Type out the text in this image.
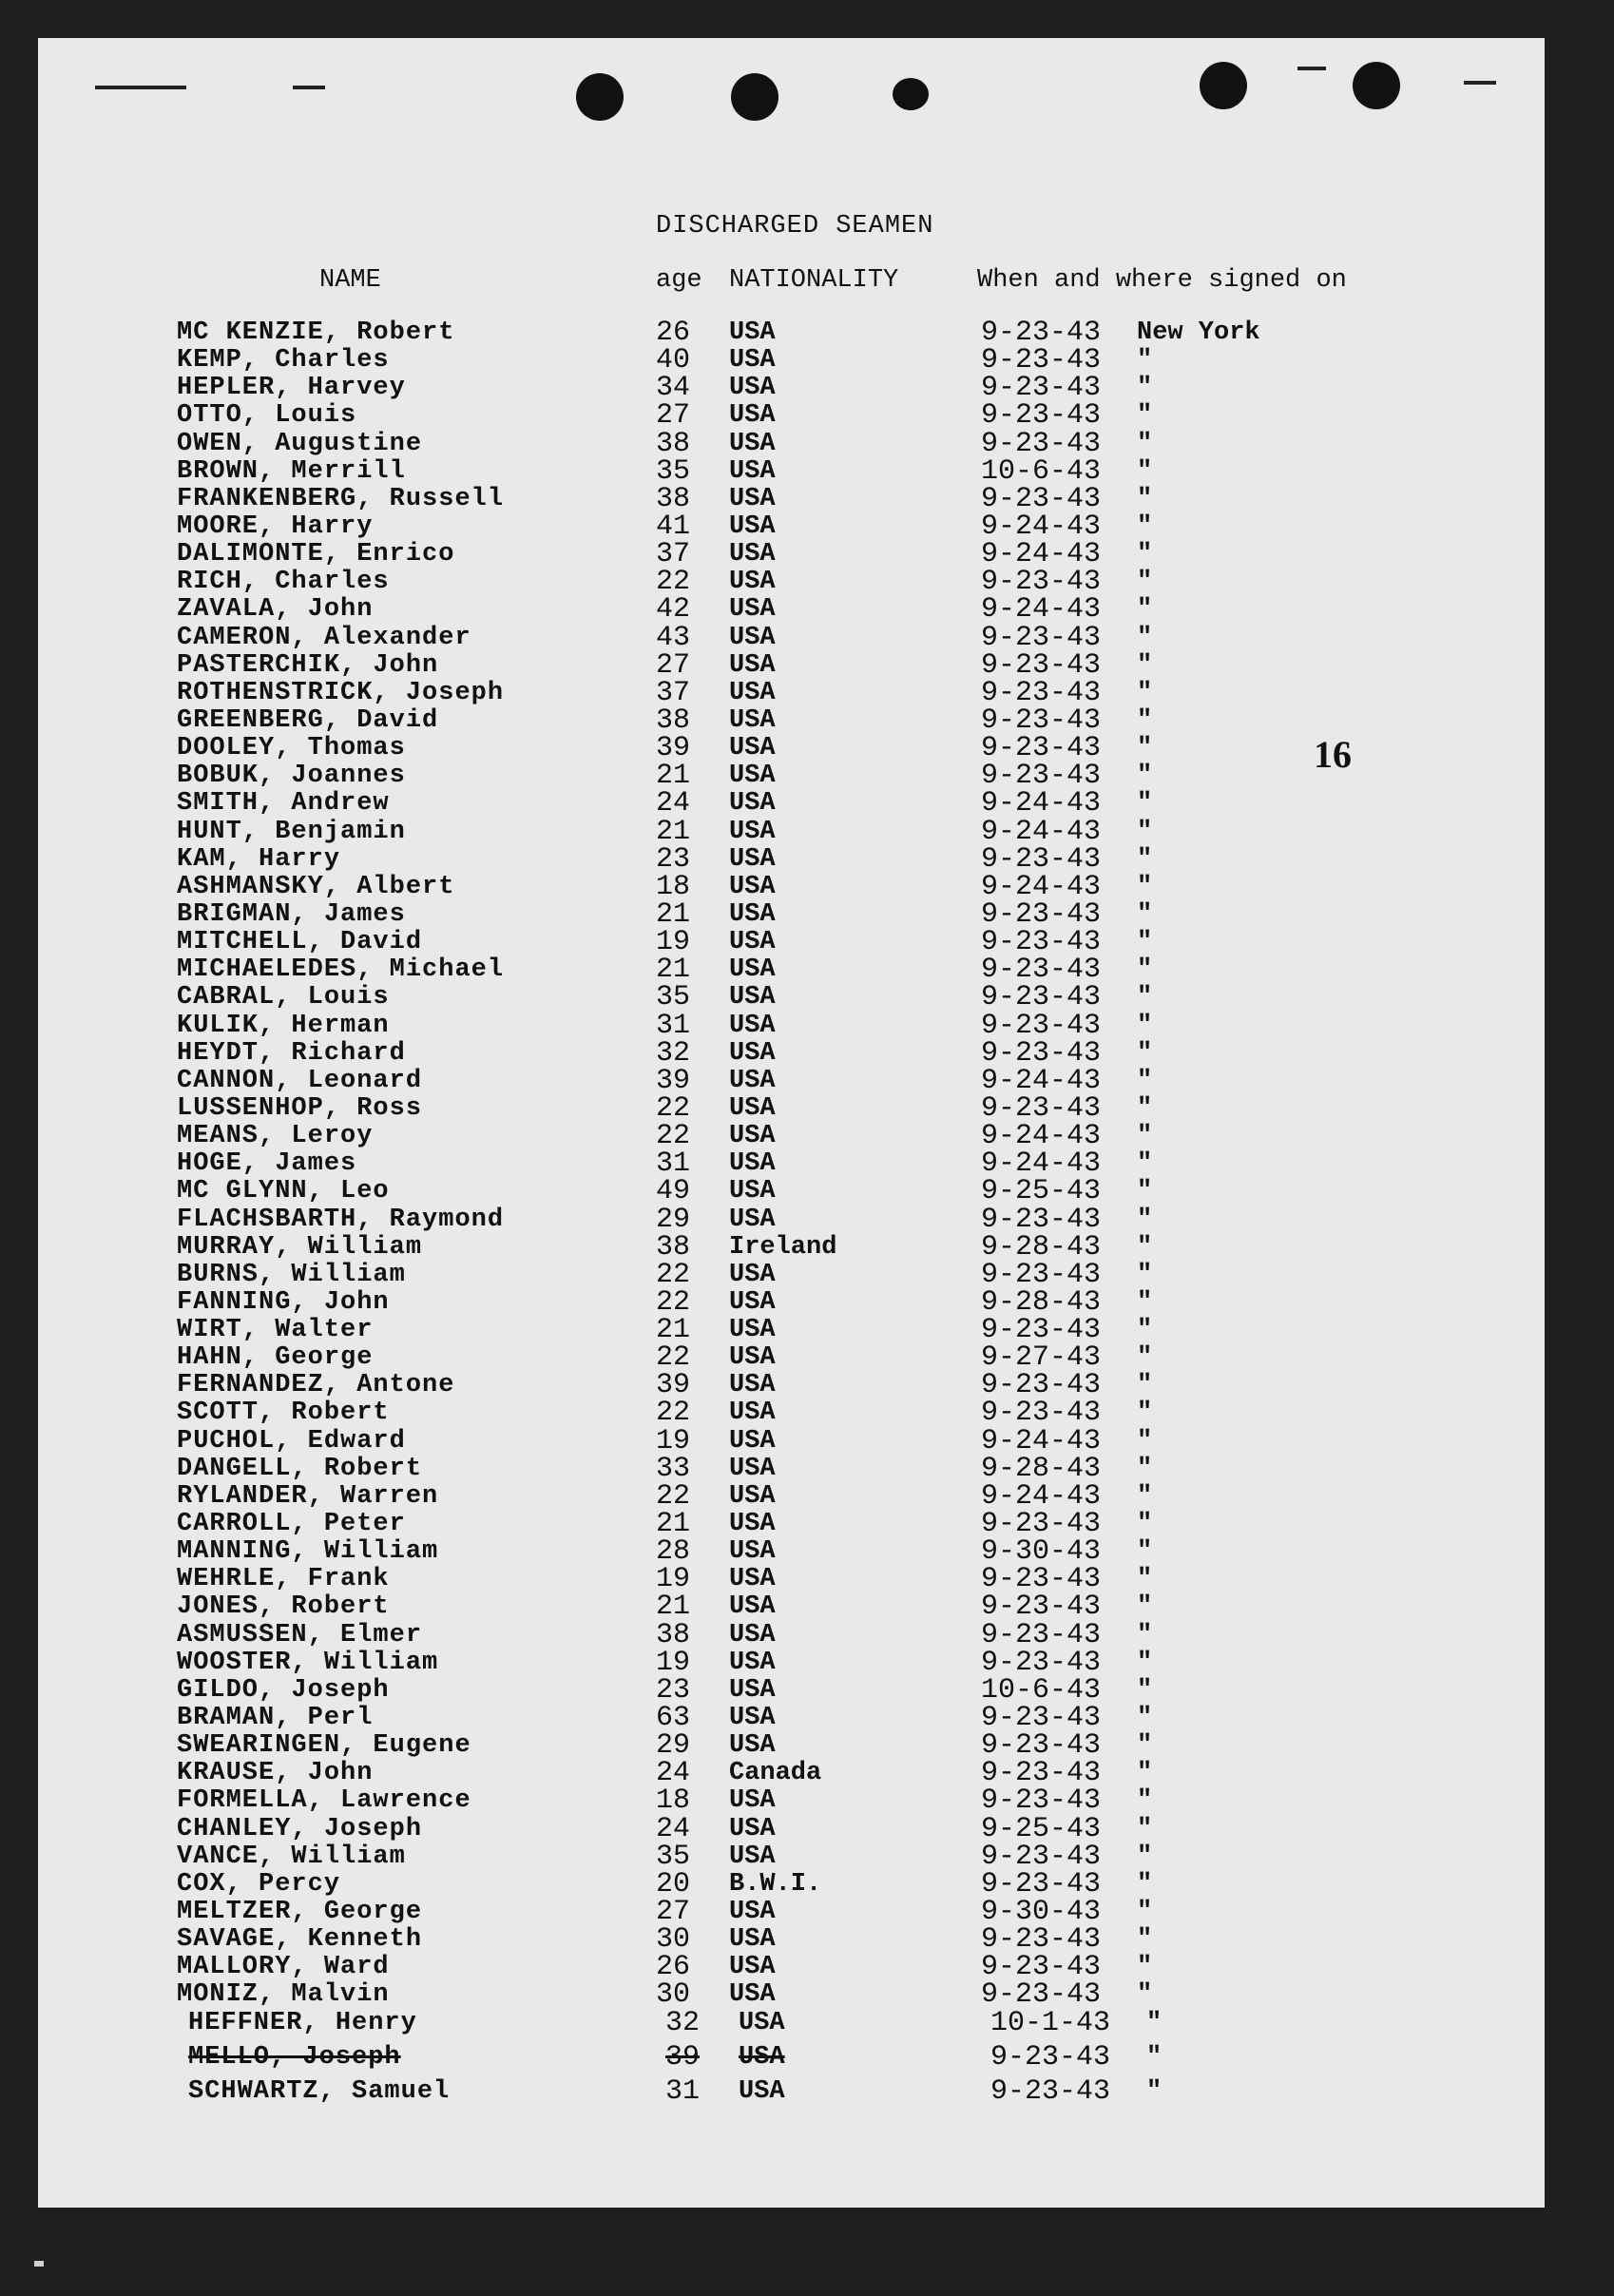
DISCHARGED SEAMEN
NAME	age NATIONALITY	When and where signed on
16
MC KENZIE, Robert	26 USA	9-23-43 New York
KEMP, Charles	40 USA	9-23-43 "
HEPLER, Harvey	34 USA	9-23-43 "
OTTO, Louis	27 USA	9-23-43 "
OWEN, Augustine	38 USA	9-23-43 "
BROWN, Merrill	35 USA	10-6-43 "
FRANKENBERG, Russell	38 USA	9-23-43 "
MOORE, Harry	41 USA	9-24-43 "
DALIMONTE, Enrico	37 USA	9-24-43 "
RICH, Charles	22 USA	9-23-43 "
ZAVALA, John	42 USA	9-24-43 "
CAMERON, Alexander	43 USA	9-23-43 "
PASTERCHIK, John	27 USA	9-23-43 "
ROTHENSTRICK, Joseph	37 USA	9-23-43 "
GREENBERG, David	38 USA	9-23-43 "
DOOLEY, Thomas	39 USA	9-23-43 "
BOBUK, Joannes	21 USA	9-23-43 "
SMITH, Andrew	24 USA	9-24-43 "
HUNT, Benjamin	21 USA	9-24-43 "
KAM, Harry	23 USA	9-23-43 "
ASHMANSKY, Albert	18 USA	9-24-43 "
BRIGMAN, James	21 USA	9-23-43 "
MITCHELL, David	19 USA	9-23-43 "
MICHAELEDES, Michael	21 USA	9-23-43 "
CABRAL, Louis	35 USA	9-23-43 "
KULIK, Herman	31 USA	9-23-43 "
HEYDT, Richard	32 USA	9-23-43 "
CANNON, Leonard	39 USA	9-24-43 "
LUSSENHOP, Ross	22 USA	9-23-43 "
MEANS, Leroy	22 USA	9-24-43 "
HOGE, James	31 USA	9-24-43 "
MC GLYNN, Leo	49 USA	9-25-43 "
FLACHSBARTH, Raymond	29 USA	9-23-43 "
MURRAY, William	38 Ireland	9-28-43 "
BURNS, William	22 USA	9-23-43 "
FANNING, John	22 USA	9-28-43 "
WIRT, Walter	21 USA	9-23-43 "
HAHN, George	22 USA	9-27-43 "
FERNANDEZ, Antone	39 USA	9-23-43 "
SCOTT, Robert	22 USA	9-23-43 "
PUCHOL, Edward	19 USA	9-24-43 "
DANGELL, Robert	33 USA	9-28-43 "
RYLANDER, Warren	22 USA	9-24-43 "
CARROLL, Peter	21 USA	9-23-43 "
MANNING, William	28 USA	9-30-43 "
WEHRLE, Frank	19 USA	9-23-43 "
JONES, Robert	21 USA	9-23-43 "
ASMUSSEN, Elmer	38 USA	9-23-43 "
WOOSTER, William	19 USA	9-23-43 "
GILDO, Joseph	23 USA	10-6-43 "
BRAMAN, Perl	63 USA	9-23-43 "
SWEARINGEN, Eugene	29 USA	9-23-43 "
KRAUSE, John	24 Canada	9-23-43 "
FORMELLA, Lawrence	18 USA	9-23-43 "
CHANLEY, Joseph	24 USA	9-25-43 "
VANCE, William	35 USA	9-23-43 "
COX, Percy	20 B.W.I.	9-23-43 "
MELTZER, George	27 USA	9-30-43 "
SAVAGE, Kenneth	30 USA	9-23-43 "
MALLORY, Ward	26 USA	9-23-43 "
MONIZ, Malvin	30 USA	9-23-43 "
HEFFNER, Henry	32 USA	10-1-43 "
MELLO, Joseph	39 USA	9-23-43 "
SCHWARTZ, Samuel	31 USA	9-23-43 "
